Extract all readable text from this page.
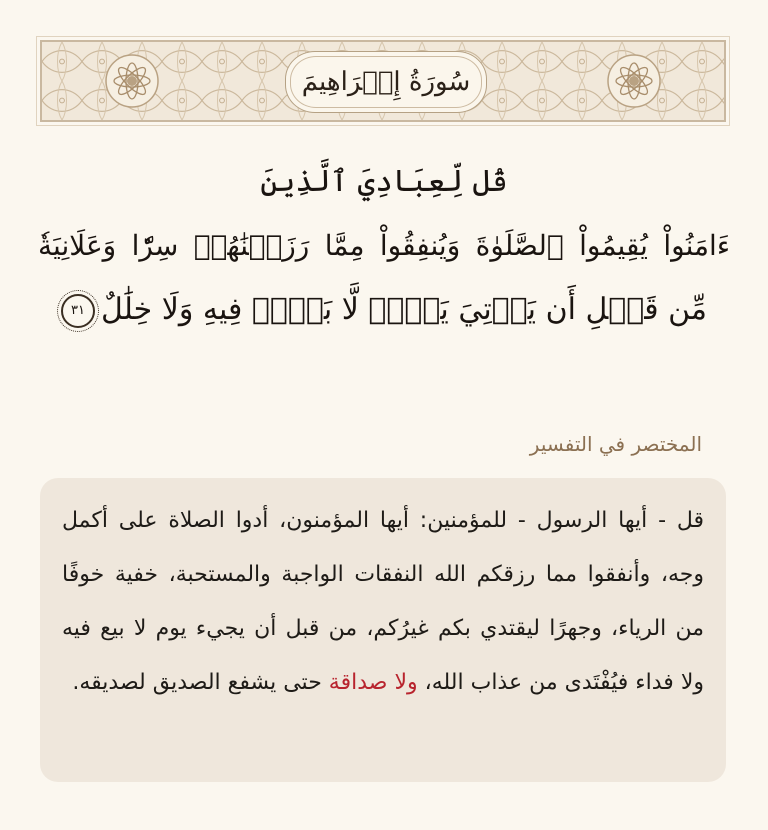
سُورَةُ إِبۡرَاهِيمَ
قُل لِّعِبَادِيَ ٱلَّذِينَ
ءَامَنُواْ يُقِيمُواْ ٱلصَّلَوٰةَ وَيُنفِقُواْ مِمَّا رَزَقۡنَٰهُمۡ سِرّٗا وَعَلَانِيَةٗ
مِّن قَبۡلِ أَن يَأۡتِيَ يَوۡمٞ لَّا بَيۡعٞ فِيهِ وَلَا خِلَٰلٌ٣١
المختصر في التفسير
قل - أيها الرسول - للمؤمنين: أيها المؤمنون، أدوا الصلاة على أكمل وجه، وأنفقوا مما رزقكم الله النفقات الواجبة والمستحبة، خفية خوفًا من الرياء، وجهرًا ليقتدي بكم غيرُكم، من قبل أن يجيء يوم لا بيع فيه ولا فداء فيُفْتَدى من عذاب الله، ولا صداقة حتى يشفع الصديق لصديقه.
